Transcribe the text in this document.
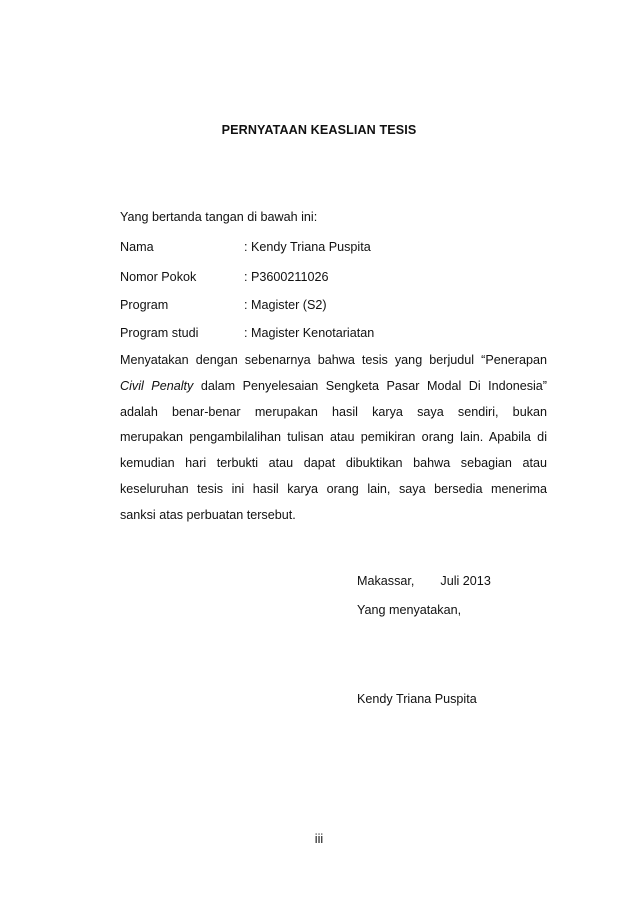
PERNYATAAN KEASLIAN TESIS
Yang bertanda tangan di bawah ini:
Nama	: Kendy Triana Puspita
Nomor Pokok	: P3600211026
Program	: Magister (S2)
Program studi	: Magister Kenotariatan
Menyatakan dengan sebenarnya bahwa tesis yang berjudul “Penerapan
Civil Penalty dalam Penyelesaian Sengketa Pasar Modal Di Indonesia”
adalah benar-benar merupakan hasil karya saya sendiri, bukan
merupakan pengambilalihan tulisan atau pemikiran orang lain. Apabila di
kemudian hari terbukti atau dapat dibuktikan bahwa sebagian atau
keseluruhan tesis ini hasil karya orang lain, saya bersedia menerima
sanksi atas perbuatan tersebut.
Makassar, Juli 2013
Yang menyatakan,
Kendy Triana Puspita
iii
